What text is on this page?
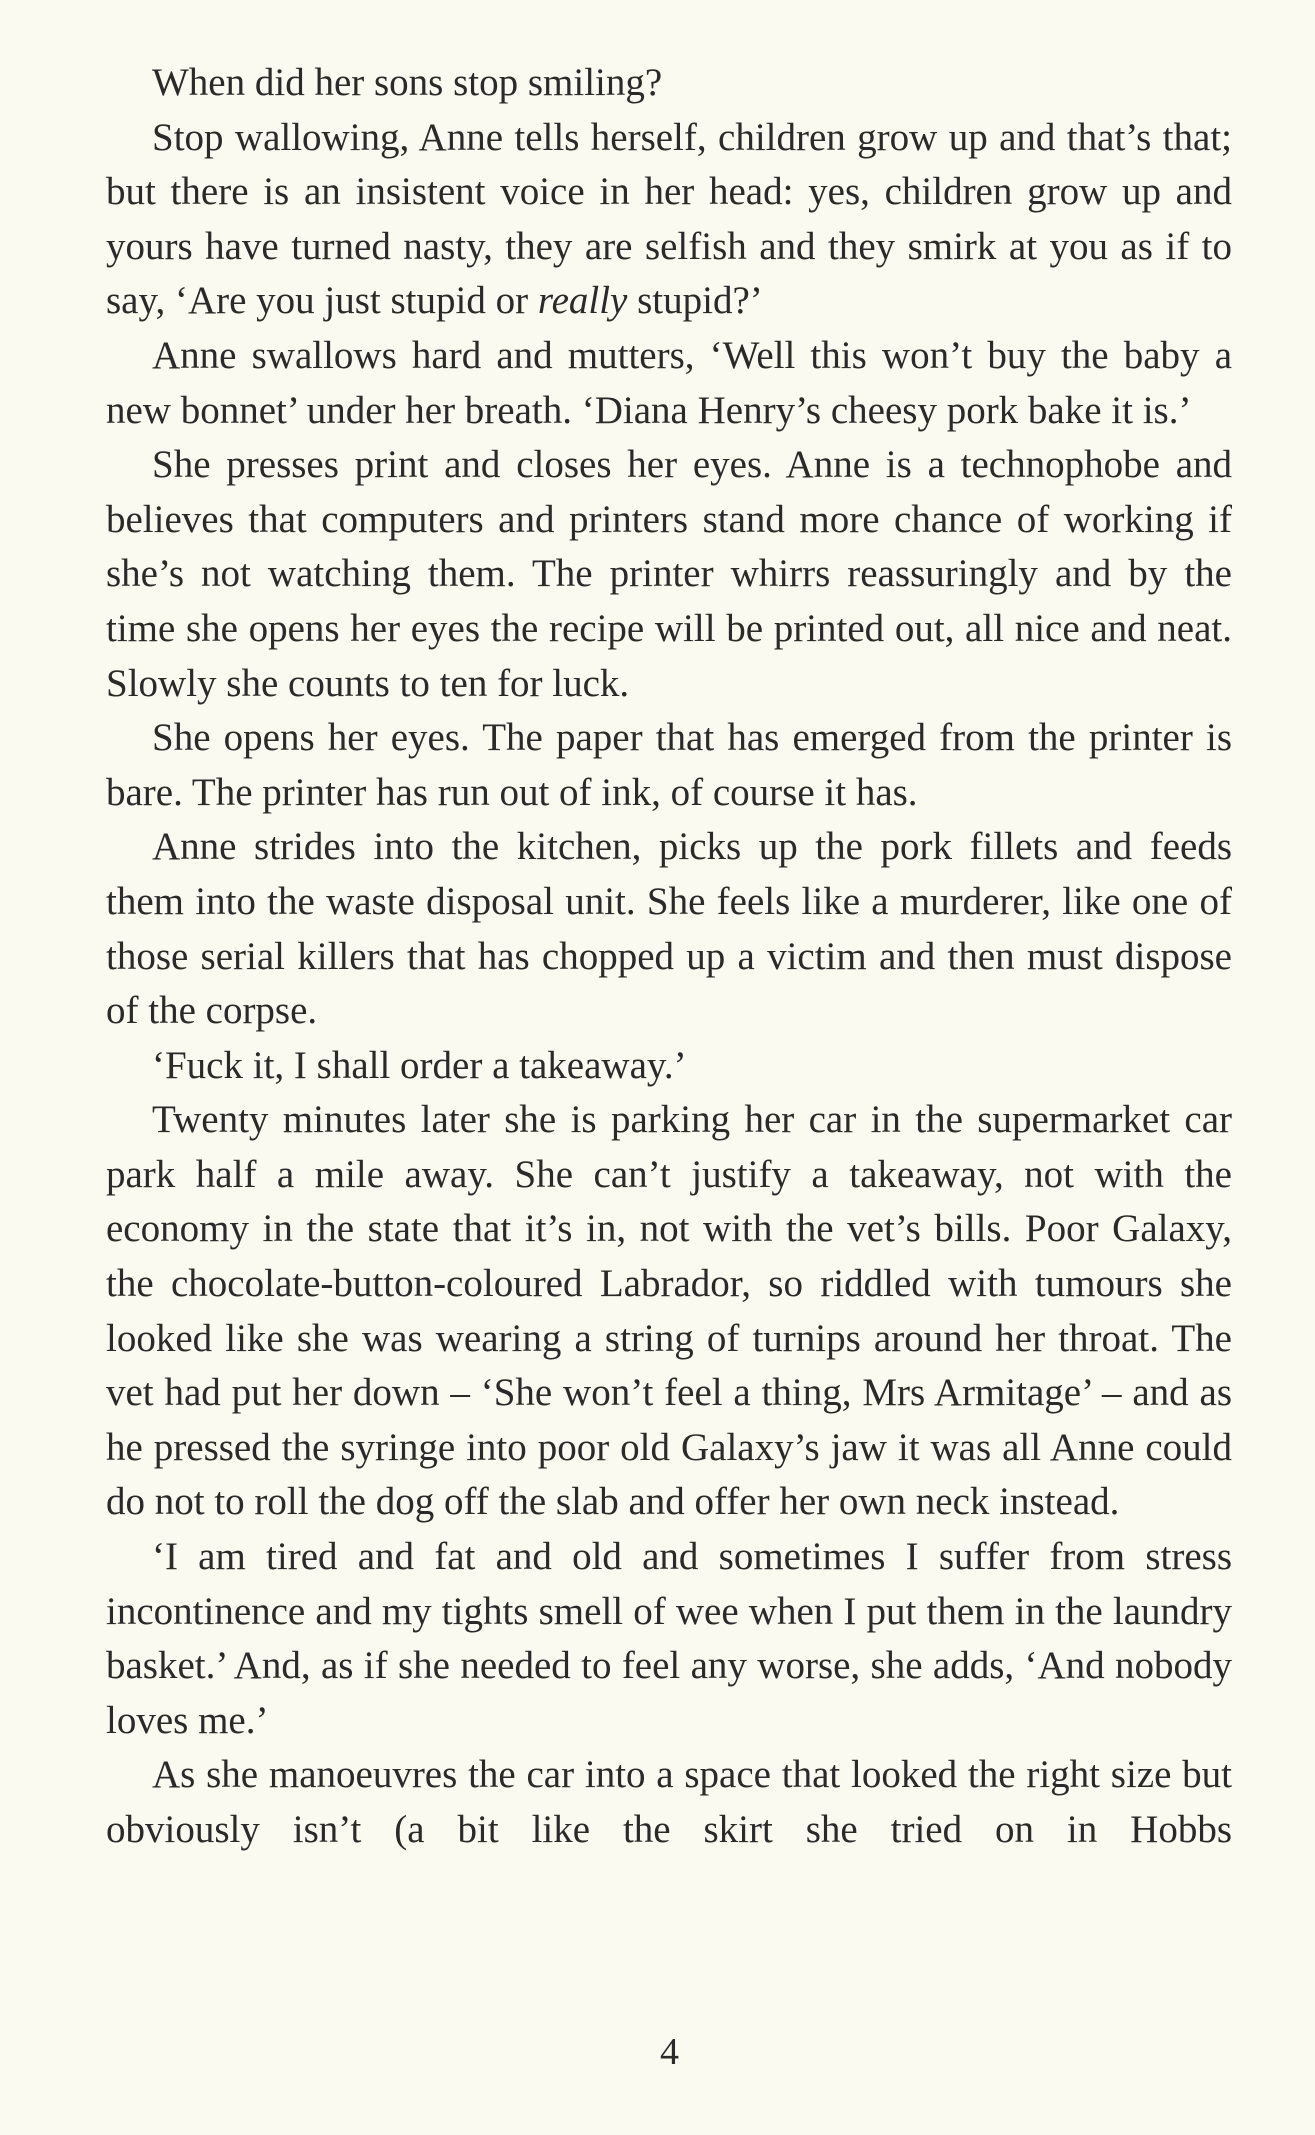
When did her sons stop smiling?

Stop wallowing, Anne tells herself, children grow up and that’s that; but there is an insistent voice in her head: yes, children grow up and yours have turned nasty, they are selfish and they smirk at you as if to say, ‘Are you just stupid or really stupid?’

Anne swallows hard and mutters, ‘Well this won’t buy the baby a new bonnet’ under her breath. ‘Diana Henry’s cheesy pork bake it is.’

She presses print and closes her eyes. Anne is a technophobe and believes that computers and printers stand more chance of working if she’s not watching them. The printer whirrs reassuringly and by the time she opens her eyes the recipe will be printed out, all nice and neat. Slowly she counts to ten for luck.

She opens her eyes. The paper that has emerged from the printer is bare. The printer has run out of ink, of course it has.

Anne strides into the kitchen, picks up the pork fillets and feeds them into the waste disposal unit. She feels like a murderer, like one of those serial killers that has chopped up a victim and then must dispose of the corpse.

‘Fuck it, I shall order a takeaway.’

Twenty minutes later she is parking her car in the supermarket car park half a mile away. She can’t justify a takeaway, not with the economy in the state that it’s in, not with the vet’s bills. Poor Galaxy, the chocolate-button-coloured Labrador, so riddled with tumours she looked like she was wearing a string of turnips around her throat. The vet had put her down – ‘She won’t feel a thing, Mrs Armitage’ – and as he pressed the syringe into poor old Galaxy’s jaw it was all Anne could do not to roll the dog off the slab and offer her own neck instead.

‘I am tired and fat and old and sometimes I suffer from stress incontinence and my tights smell of wee when I put them in the laundry basket.’ And, as if she needed to feel any worse, she adds, ‘And nobody loves me.’

As she manoeuvres the car into a space that looked the right size but obviously isn’t (a bit like the skirt she tried on in Hobbs

4
